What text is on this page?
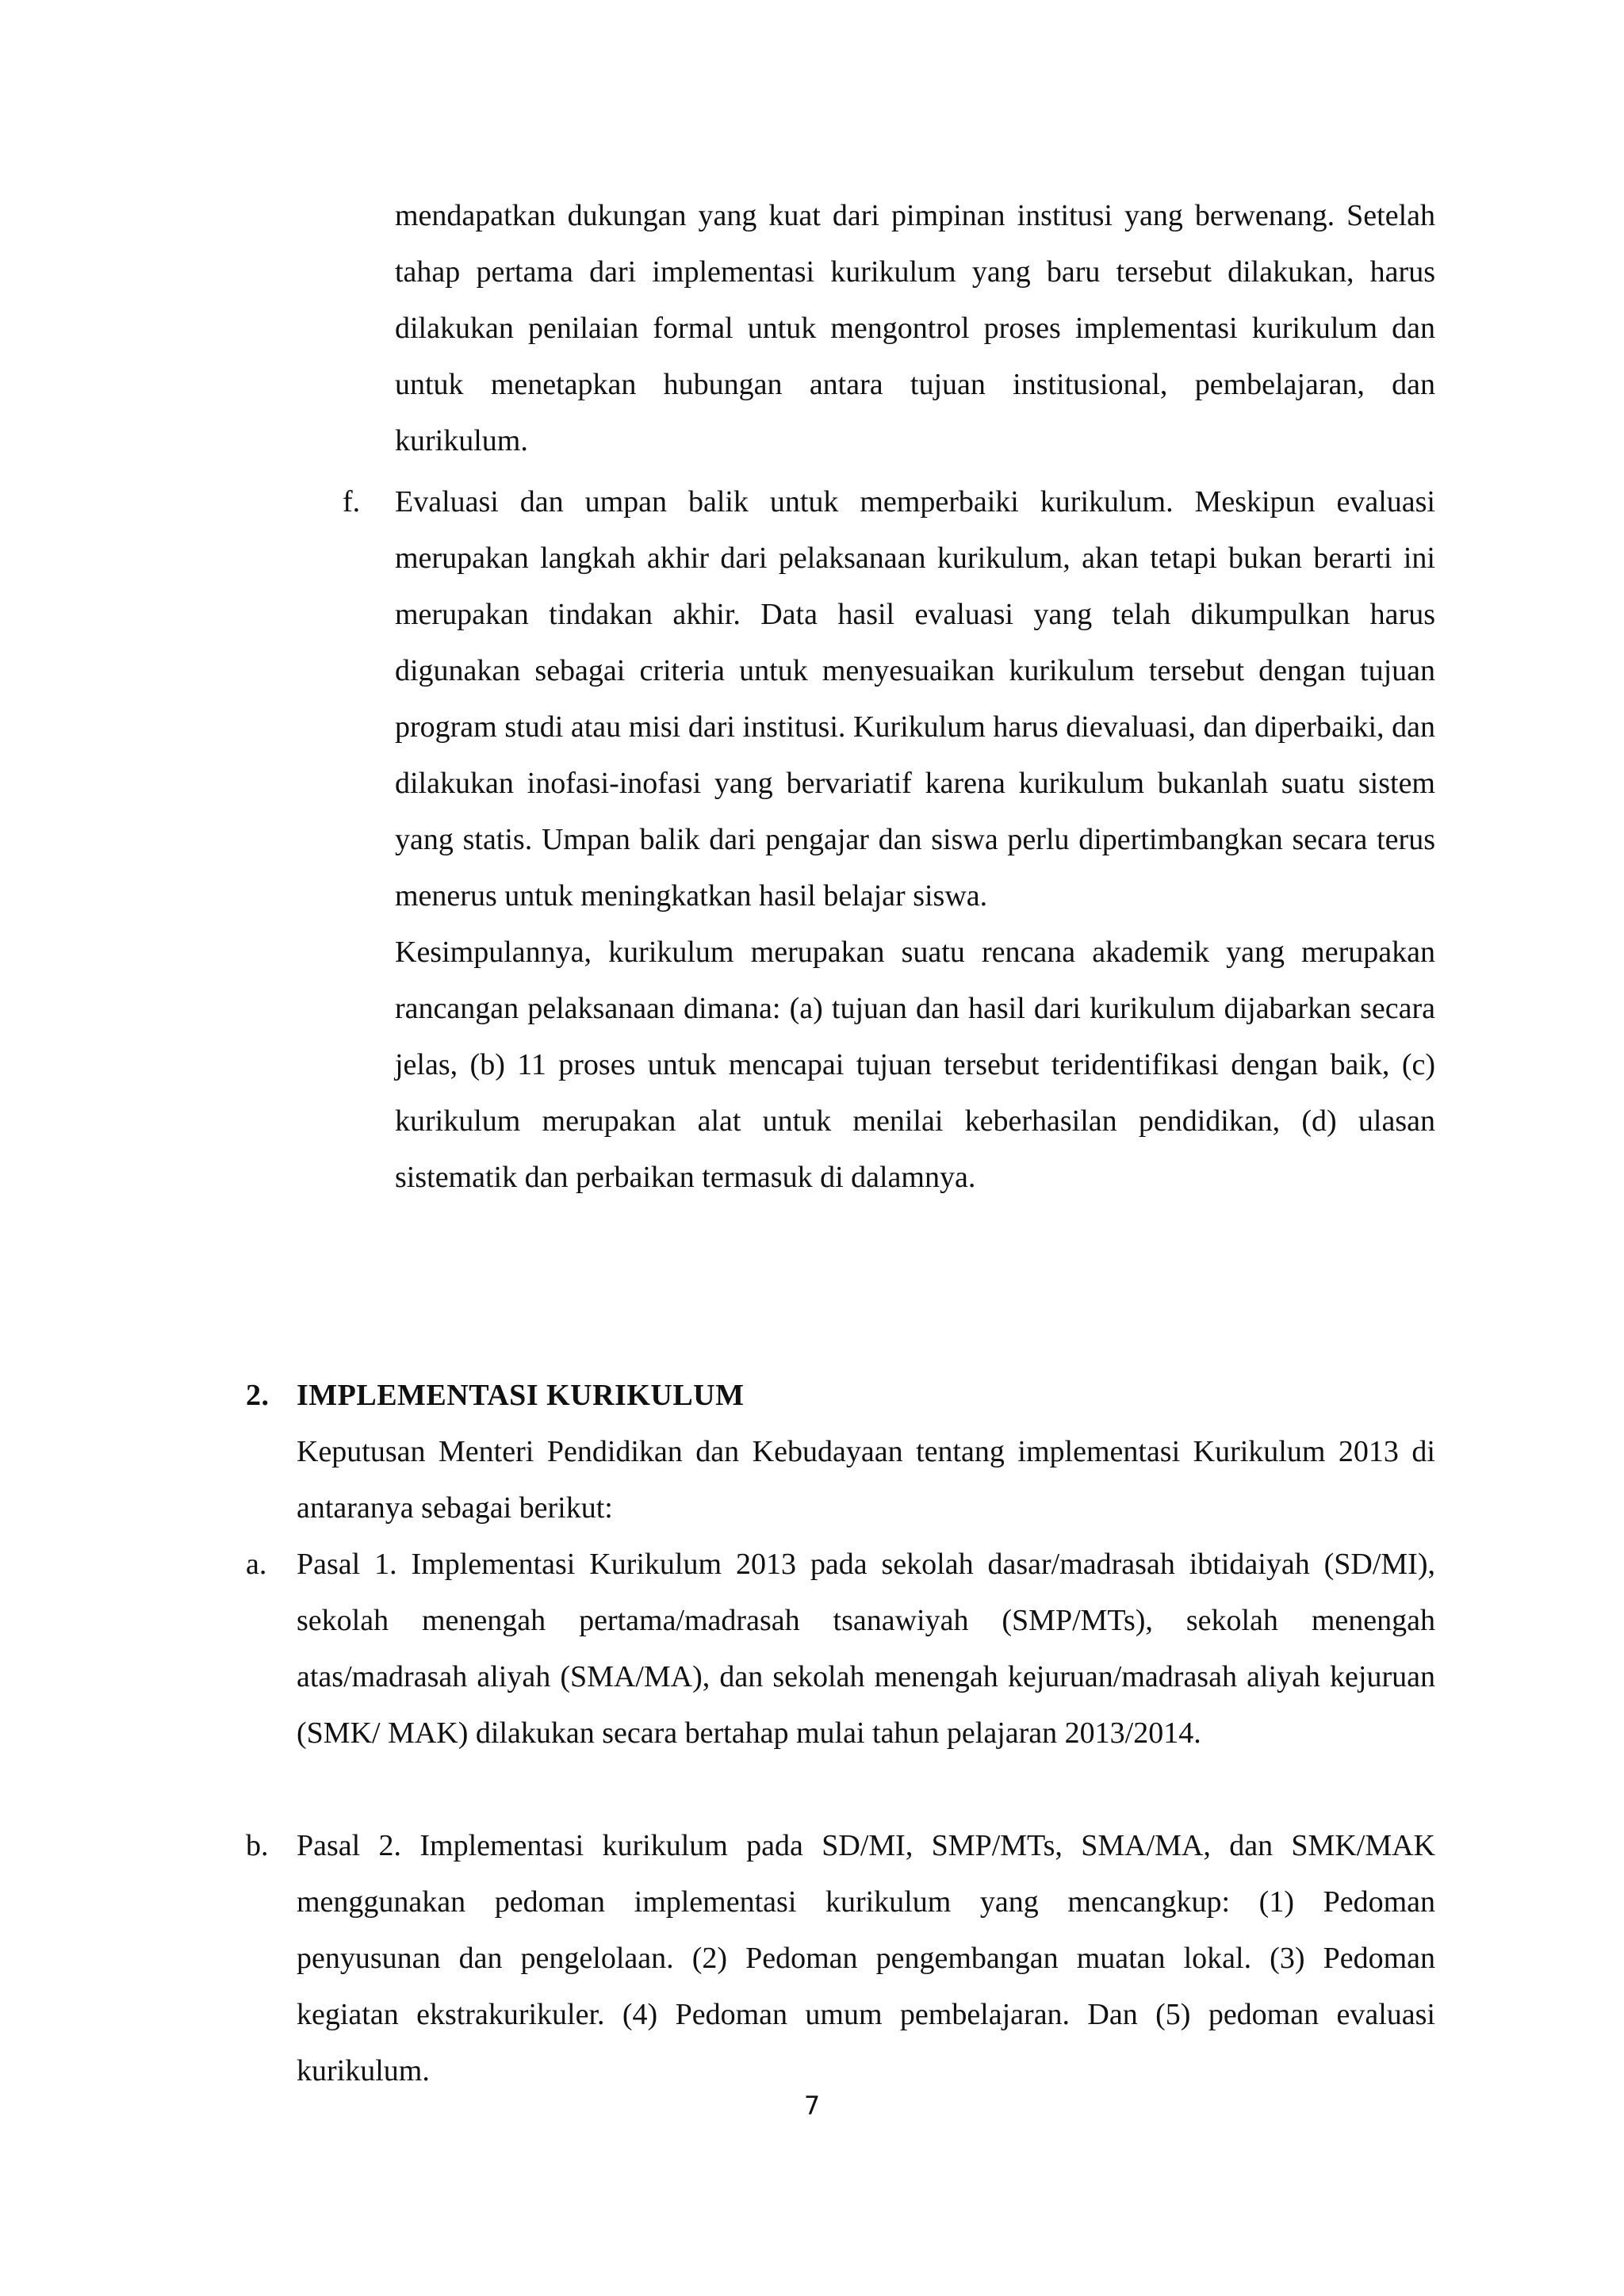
mendapatkan dukungan yang kuat dari pimpinan institusi yang berwenang. Setelah tahap pertama dari implementasi kurikulum yang baru tersebut dilakukan, harus dilakukan penilaian formal untuk mengontrol proses implementasi kurikulum dan untuk menetapkan hubungan antara tujuan institusional, pembelajaran, dan kurikulum.

f. Evaluasi dan umpan balik untuk memperbaiki kurikulum. Meskipun evaluasi merupakan langkah akhir dari pelaksanaan kurikulum, akan tetapi bukan berarti ini merupakan tindakan akhir. Data hasil evaluasi yang telah dikumpulkan harus digunakan sebagai criteria untuk menyesuaikan kurikulum tersebut dengan tujuan program studi atau misi dari institusi. Kurikulum harus dievaluasi, dan diperbaiki, dan dilakukan inofasi-inofasi yang bervariatif karena kurikulum bukanlah suatu sistem yang statis. Umpan balik dari pengajar dan siswa perlu dipertimbangkan secara terus menerus untuk meningkatkan hasil belajar siswa.

Kesimpulannya, kurikulum merupakan suatu rencana akademik yang merupakan rancangan pelaksanaan dimana: (a) tujuan dan hasil dari kurikulum dijabarkan secara jelas, (b) 11 proses untuk mencapai tujuan tersebut teridentifikasi dengan baik, (c) kurikulum merupakan alat untuk menilai keberhasilan pendidikan, (d) ulasan sistematik dan perbaikan termasuk di dalamnya.

2. IMPLEMENTASI KURIKULUM

Keputusan Menteri Pendidikan dan Kebudayaan tentang implementasi Kurikulum 2013 di antaranya sebagai berikut:

a. Pasal 1. Implementasi Kurikulum 2013 pada sekolah dasar/madrasah ibtidaiyah (SD/MI), sekolah menengah pertama/madrasah tsanawiyah (SMP/MTs), sekolah menengah atas/madrasah aliyah (SMA/MA), dan sekolah menengah kejuruan/madrasah aliyah kejuruan (SMK/ MAK) dilakukan secara bertahap mulai tahun pelajaran 2013/2014.
b. Pasal 2. Implementasi kurikulum pada SD/MI, SMP/MTs, SMA/MA, dan SMK/MAK menggunakan pedoman implementasi kurikulum yang mencangkup: (1) Pedoman penyusunan dan pengelolaan. (2) Pedoman pengembangan muatan lokal. (3) Pedoman kegiatan ekstrakurikuler. (4) Pedoman umum pembelajaran. Dan (5) pedoman evaluasi kurikulum.
7
